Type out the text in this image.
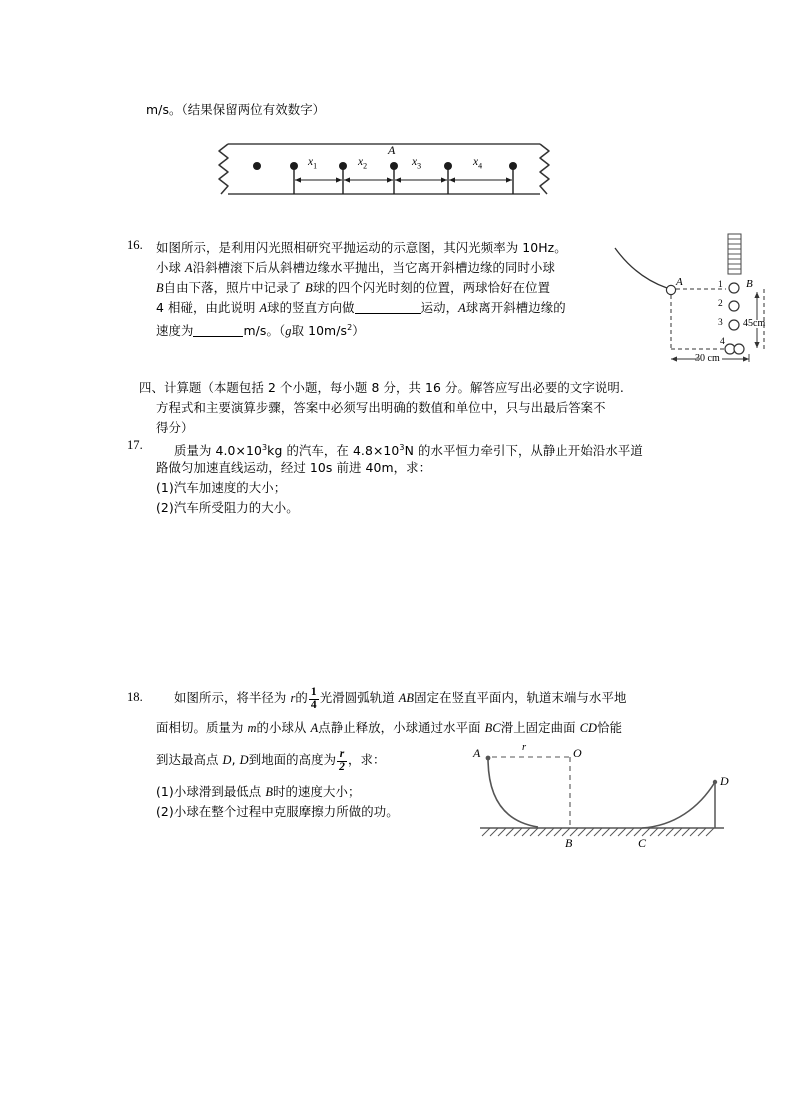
m/s。（结果保留两位有效数字）
$x_1$	$x_2$	$x_3$	$x_4$
A
16. 如图所示，是利用闪光照相研究平抛运动的示意图，其闪光频率为 10Hz。
小球 A沿斜槽滚下后从斜槽边缘水平抛出，当它离开斜槽边缘的同时小球
B自由下落，照片中记录了 B球的四个闪光时刻的位置，两球恰好在位置
4 相碰，由此说明 A球的竖直方向做	运动，A球离开斜槽边缘的
速度为	m/s。（g取 $10m/s^2$）
A	B
1
2
3
4
45cm
30 cm
四、计算题（本题包括 2 个小题，每小题 8 分，共 16 分。解答应写出必要的文字说明.
方程式和主要演算步骤，答案中必须写出明确的数值和单位中，只与出最后答案不
得分）
17.	质量为 $4.0\times 10^3kg$ 的汽车，在 $4.8\times 10^3N$ 的水平恒力牵引下，从静止开始沿水平道
路做匀加速直线运动，经过 10s 前进 40m，求：
(1)汽车加速度的大小；
(2)汽车所受阻力的大小。
18.	如图所示，将半径为 r的 $\frac{1}{4}$ 光滑圆弧轨道 AB固定在竖直平面内，轨道末端与水平地
面相切。质量为 m的小球从 A点静止释放，小球通过水平面 BC滑上固定曲面 CD恰能
到达最高点 D, D到地面的高度为 $\frac{r}{2}$ ，求：
(1)小球滑到最低点 B时的速度大小；
(2)小球在整个过程中克服摩擦力所做的功。
A	O
r
B	C
D
